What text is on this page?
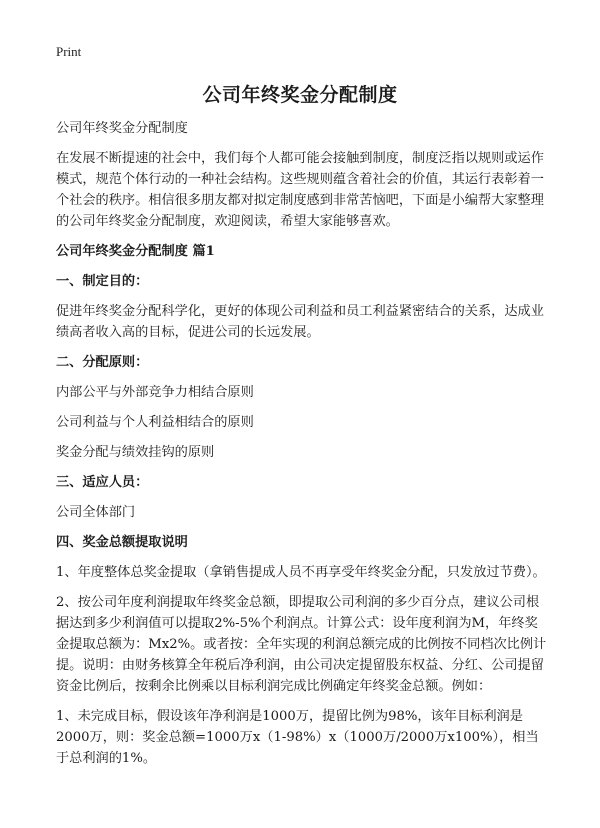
Print
公司年终奖金分配制度

公司年终奖金分配制度

在发展不断提速的社会中，我们每个人都可能会接触到制度，制度泛指以规则或运作模式，规范个体行动的一种社会结构。这些规则蕴含着社会的价值，其运行表彰着一个社会的秩序。相信很多朋友都对拟定制度感到非常苦恼吧，下面是小编帮大家整理的公司年终奖金分配制度，欢迎阅读，希望大家能够喜欢。

公司年终奖金分配制度 篇1

一、制定目的：

促进年终奖金分配科学化，更好的体现公司利益和员工利益紧密结合的关系，达成业绩高者收入高的目标，促进公司的长远发展。

二、分配原则：

内部公平与外部竞争力相结合原则

公司利益与个人利益相结合的原则

奖金分配与绩效挂钩的原则

三、适应人员：

公司全体部门

四、奖金总额提取说明

1、年度整体总奖金提取（拿销售提成人员不再享受年终奖金分配，只发放过节费）。

2、按公司年度利润提取年终奖金总额，即提取公司利润的多少百分点，建议公司根据达到多少利润值可以提取2%-5%个利润点。计算公式：设年度利润为M，年终奖金提取总额为：Mx2%。或者按：全年实现的利润总额完成的比例按不同档次比例计提。说明：由财务核算全年税后净利润，由公司决定提留股东权益、分红、公司提留资金比例后，按剩余比例乘以目标利润完成比例确定年终奖金总额。例如：

1、未完成目标，假设该年净利润是1000万，提留比例为98%，该年目标利润是2000万，则：奖金总额=1000万x（1-98%）x（1000万/2000万x100%），相当于总利润的1%。
